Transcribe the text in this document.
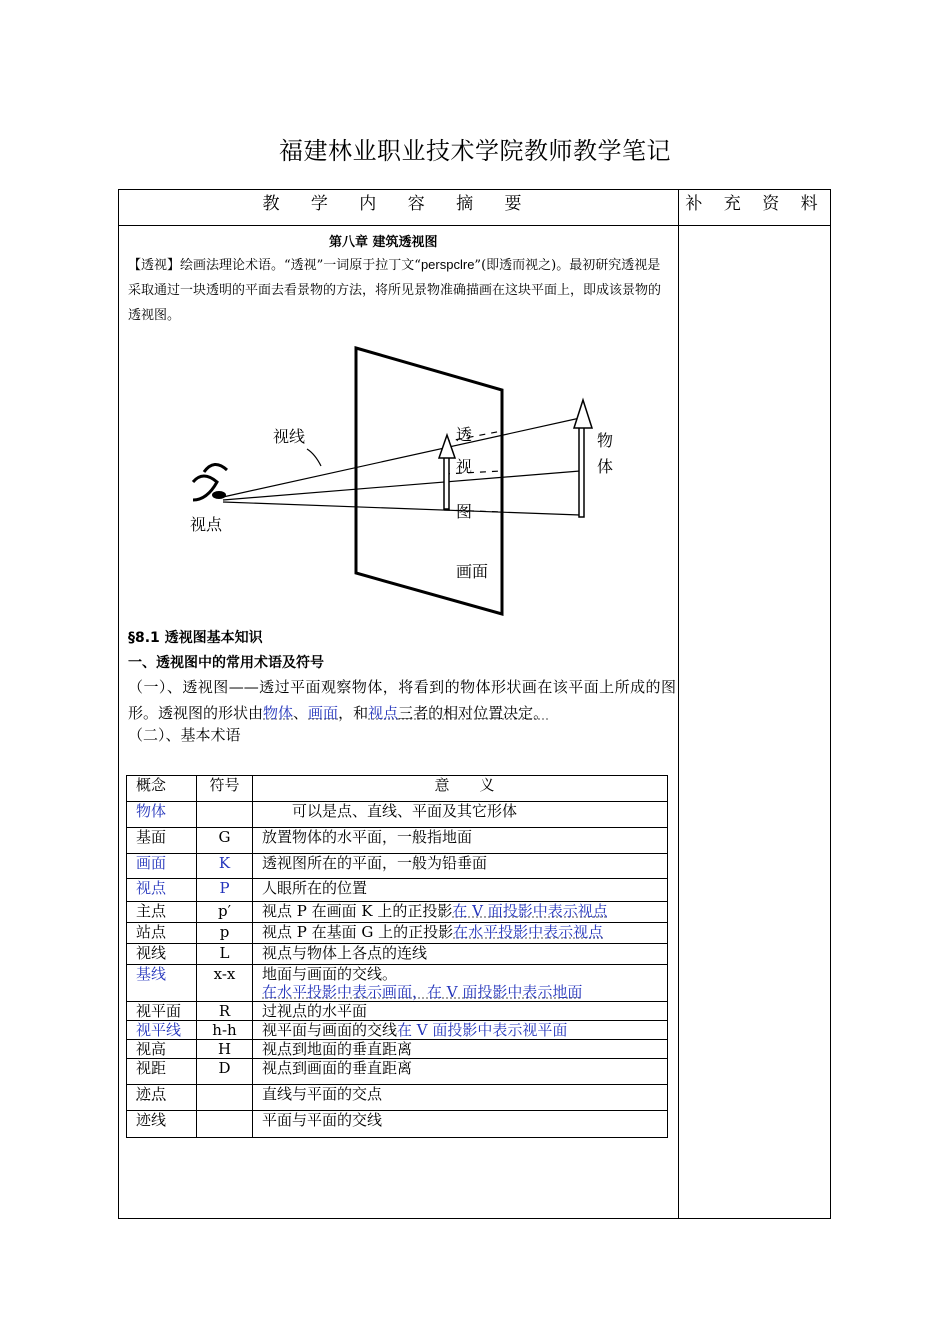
福建林业职业技术学院教师教学笔记
教 学 内 容 摘 要	补 充 资 料
第八章 建筑透视图
【透视】绘画法理论术语。“透视”一词原于拉丁文“perspclre”(即透而视之)。最初研究透视是采取通过一块透明的平面去看景物的方法，将所见景物准确描画在这块平面上，即成该景物的透视图。
视线
视点
透
视
图
物
体
画面
§8.1 透视图基本知识
一、透视图中的常用术语及符号
（一）、透视图——透过平面观察物体，将看到的物体形状画在该平面上所成的图形。透视图的形状由物体、画面，和视点三者的相对位置决定。
（二）、基本术语
概念	符号	意　　义
物体		　　可以是点、直线、平面及其它形体
基面	G	放置物体的水平面，一般指地面
画面	K	透视图所在的平面，一般为铅垂面
视点	P	人眼所在的位置
主点	p′	视点 P 在画面 K 上的正投影在 V 面投影中表示视点
站点	p	视点 P 在基面 G 上的正投影在水平投影中表示视点
视线	L	视点与物体上各点的连线
基线	x-x	地面与画面的交线。
在水平投影中表示画面，在 V 面投影中表示地面

视平面	R	过视点的水平面
视平线	h-h	视平面与画面的交线在 V 面投影中表示视平面
视高	H	视点到地面的垂直距离
视距	D	视点到画面的垂直距离
迹点		直线与平面的交点
迹线		平面与平面的交线
